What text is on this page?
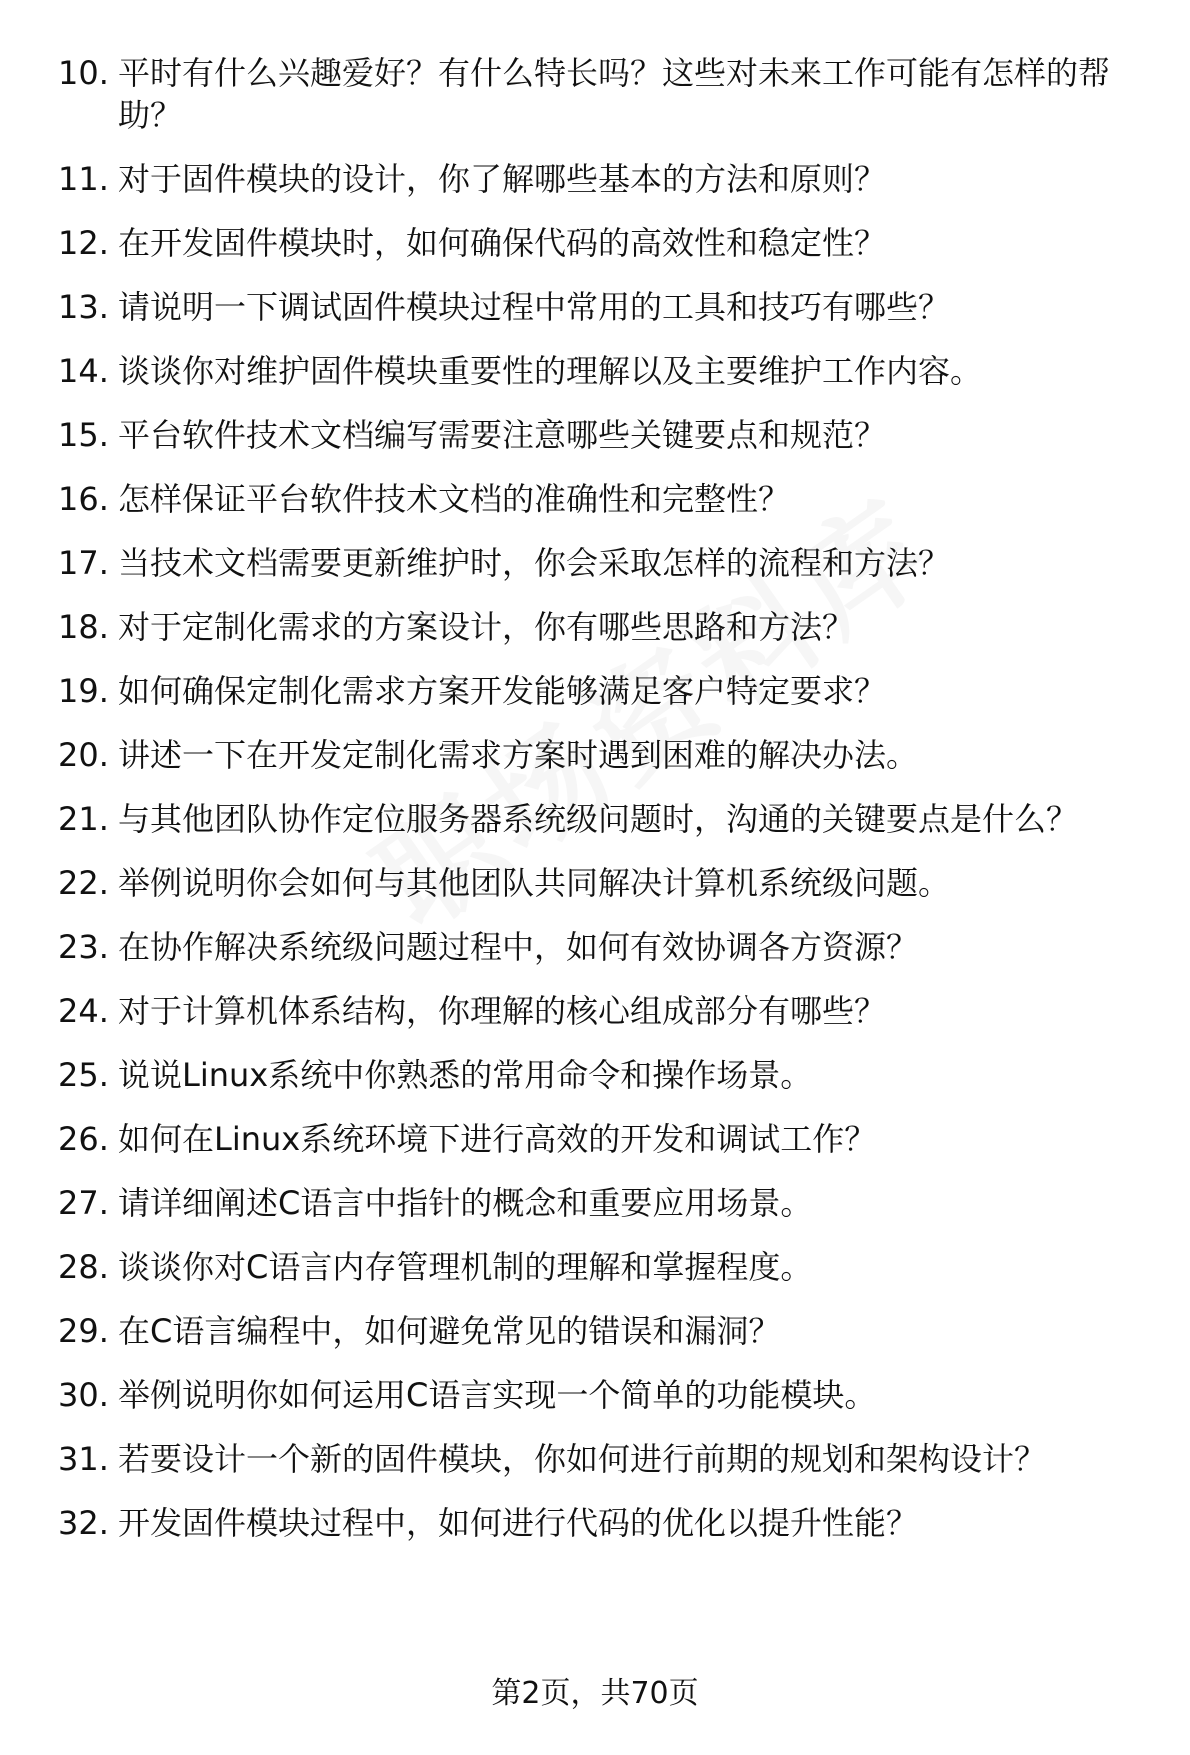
10. 平时有什么兴趣爱好？有什么特长吗？这些对未来工作可能有怎样的帮助？
11. 对于固件模块的设计，你了解哪些基本的方法和原则？
12. 在开发固件模块时，如何确保代码的高效性和稳定性？
13. 请说明一下调试固件模块过程中常用的工具和技巧有哪些？
14. 谈谈你对维护固件模块重要性的理解以及主要维护工作内容。
15. 平台软件技术文档编写需要注意哪些关键要点和规范？
16. 怎样保证平台软件技术文档的准确性和完整性？
17. 当技术文档需要更新维护时，你会采取怎样的流程和方法？
18. 对于定制化需求的方案设计，你有哪些思路和方法？
19. 如何确保定制化需求方案开发能够满足客户特定要求？
20. 讲述一下在开发定制化需求方案时遇到困难的解决办法。
21. 与其他团队协作定位服务器系统级问题时，沟通的关键要点是什么？
22. 举例说明你会如何与其他团队共同解决计算机系统级问题。
23. 在协作解决系统级问题过程中，如何有效协调各方资源？
24. 对于计算机体系结构，你理解的核心组成部分有哪些？
25. 说说Linux系统中你熟悉的常用命令和操作场景。
26. 如何在Linux系统环境下进行高效的开发和调试工作？
27. 请详细阐述C语言中指针的概念和重要应用场景。
28. 谈谈你对C语言内存管理机制的理解和掌握程度。
29. 在C语言编程中，如何避免常见的错误和漏洞？
30. 举例说明你如何运用C语言实现一个简单的功能模块。
31. 若要设计一个新的固件模块，你如何进行前期的规划和架构设计？
32. 开发固件模块过程中，如何进行代码的优化以提升性能？
第2页，共70页
